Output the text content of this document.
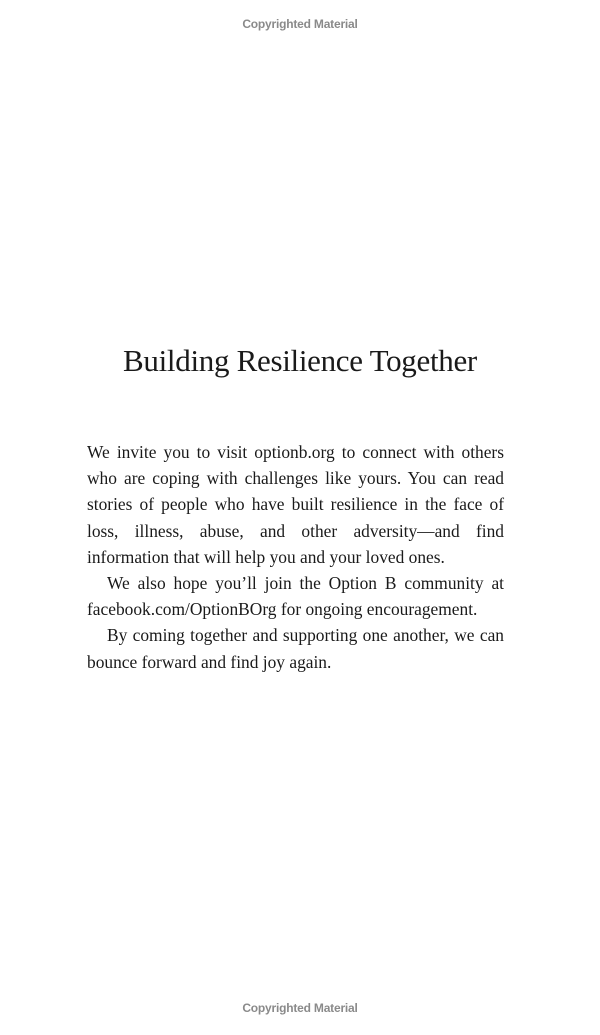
Copyrighted Material
Building Resilience Together

We invite you to visit optionb.org to connect with others who are coping with challenges like yours. You can read stories of people who have built resilience in the face of loss, illness, abuse, and other adversity—and find information that will help you and your loved ones.

We also hope you’ll join the Option B community at facebook.com/OptionBOrg for ongoing encouragement.

By coming together and supporting one another, we can bounce forward and find joy again.

Copyrighted Material
